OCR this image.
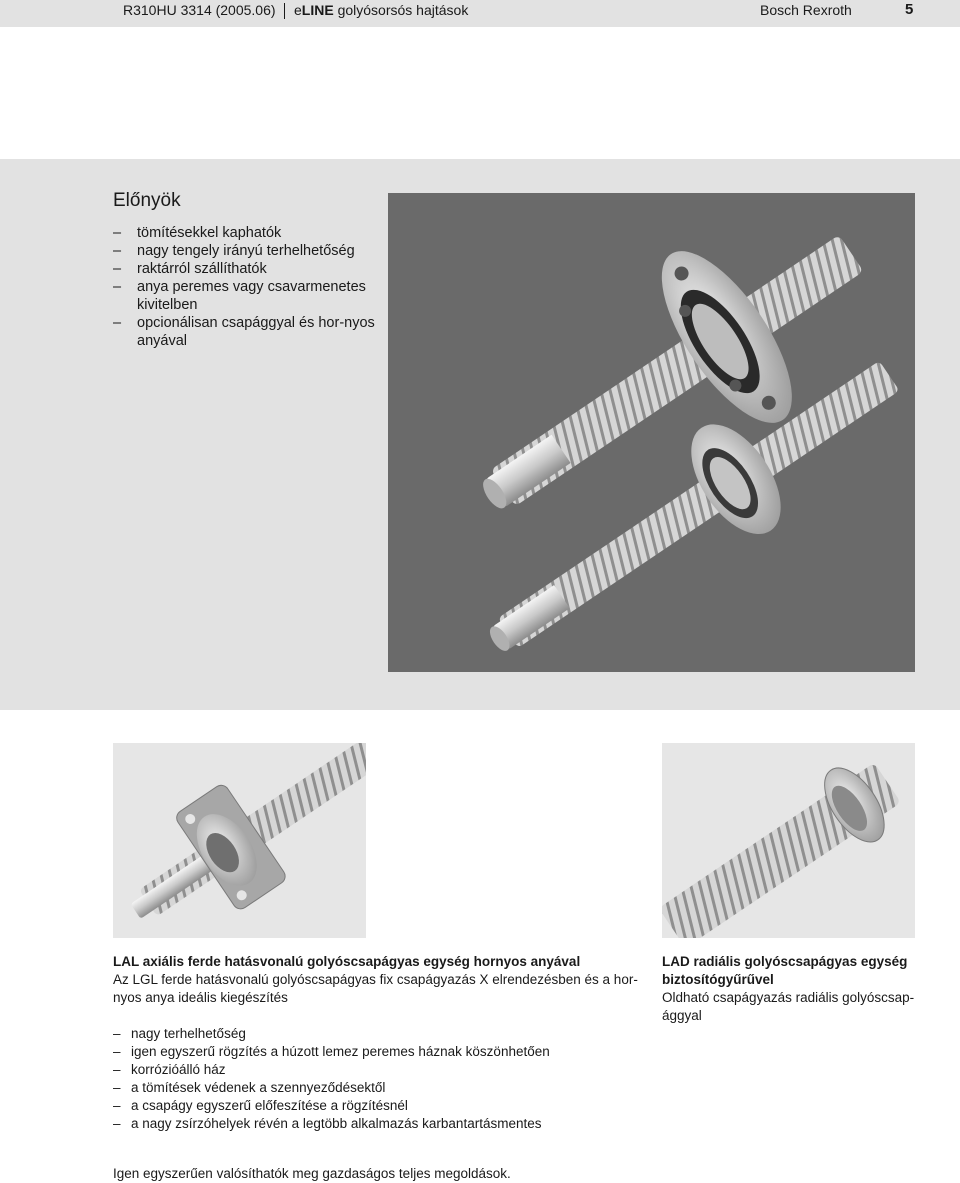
R310HU 3314 (2005.06) eLINE golyósorsós hajtások	Bosch Rexroth	5
Előnyök
– tömítésekkel kaphatók
– nagy tengely irányú terhelhetőség
– raktárról szállíthatók
– anya peremes vagy csavarmenetes kivitelben
– opcionálisan csapággyal és hor-nyos anyával
LAL axiális ferde hatásvonalú golyóscsapágyas egység hornyos anyával
Az LGL ferde hatásvonalú golyóscsapágyas fix csapágyazás X elrendezésben és a hor-nyos anya ideális kiegészítés
– nagy terhelhetőség
– igen egyszerű rögzítés a húzott lemez peremes háznak köszönhetően
– korrózióálló ház
– a tömítések védenek a szennyeződésektől
– a csapágy egyszerű előfeszítése a rögzítésnél
– a nagy zsírzóhelyek révén a legtöbb alkalmazás karbantartásmentes
LAD radiális golyóscsapágyas egység biztosítógyűrűvel
Oldható csapágyazás radiális golyóscsap-ággyal
Igen egyszerűen valósíthatók meg gazdaságos teljes megoldások.
